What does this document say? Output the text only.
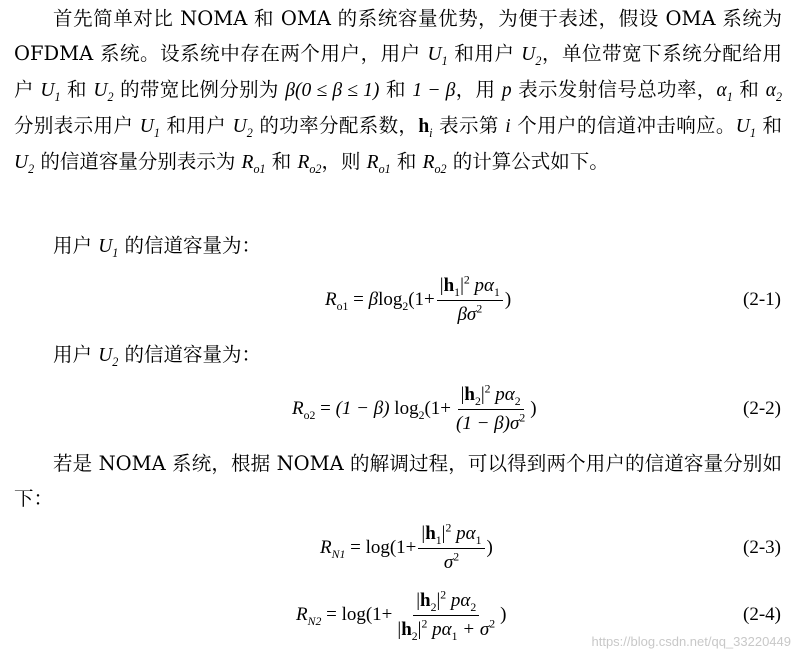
首先简单对比 NOMA 和 OMA 的系统容量优势，为便于表述，假设 OMA 系统为 OFDMA 系统。设系统中存在两个用户，用户 $U_1$ 和用户 $U_2$，单位带宽下系统分配给用户 $U_1$ 和 $U_2$ 的带宽比例分别为 β(0 ≤ β ≤ 1) 和 1 − β，用 p 表示发射信号总功率，$\alpha_1$ 和 $\alpha_2$ 分别表示用户 $U_1$ 和用户 $U_2$ 的功率分配系数，$h_i$ 表示第 i 个用户的信道冲击响应。$U_1$ 和 $U_2$ 的信道容量分别表示为 $R_{o1}$ 和 $R_{o2}$，则 $R_{o1}$ 和 $R_{o2}$ 的计算公式如下。
用户 $U_1$ 的信道容量为：
$R_{o1} = \beta$ $\log_2 (1+ \frac{|h_1|^2 p\alpha_1}{\beta\sigma^2}$ )	(2-1)
用户 $U_2$ 的信道容量为：
$R_{o2} = (1 - \beta)$ $\log_2 (1+ \frac{|h_2|^2 p\alpha_2}{(1 - \beta)\sigma^2}$ )	(2-2)
若是 NOMA 系统，根据 NOMA 的解调过程，可以得到两个用户的信道容量分别如下：
$R_{N1} = \log (1+ \frac{|h_1|^2 p\alpha_1}{\sigma^2}$ )	(2-3)
$R_{N2} = \log (1+ \frac{|h_2|^2 p\alpha_2}{|h_2|^2 p\alpha_1 + \sigma^2}$ )	(2-4)
https://blog.csdn.net/qq_33220449
